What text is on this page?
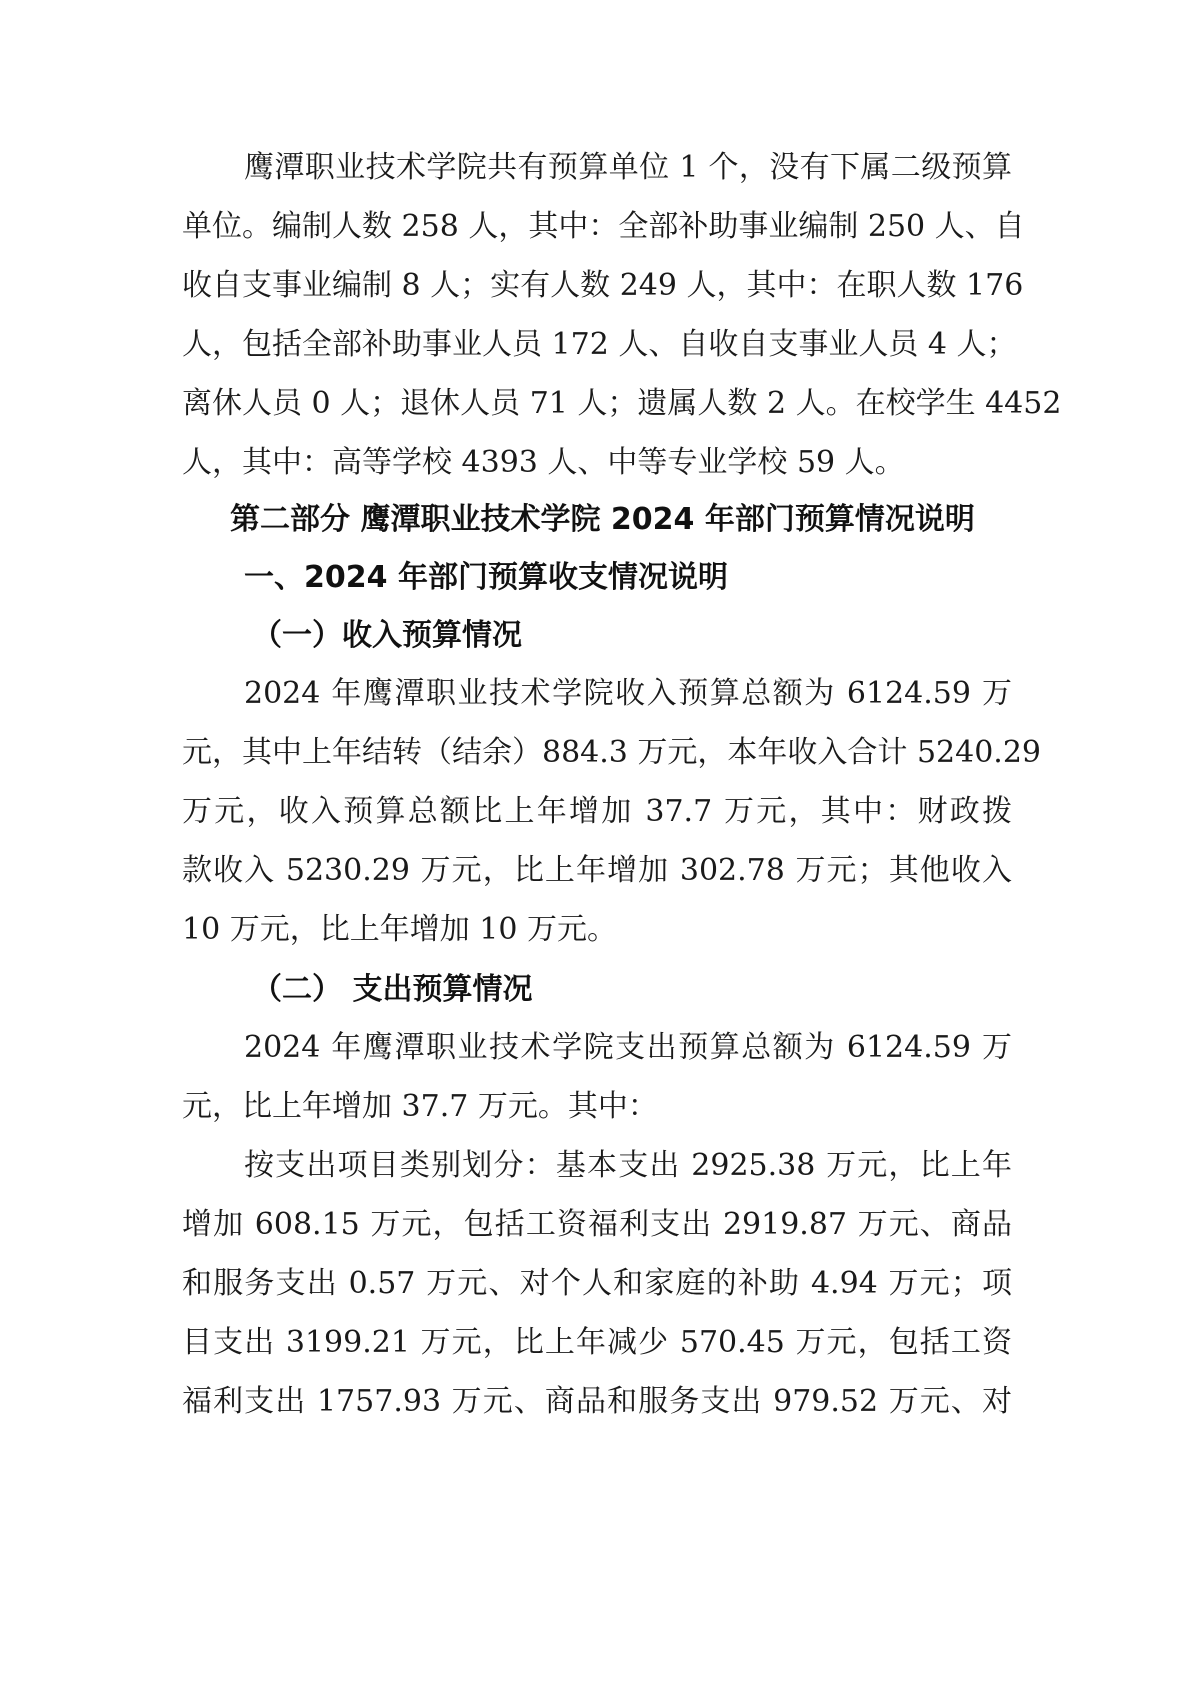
鹰潭职业技术学院共有预算单位 1 个，没有下属二级预算

单位。编制人数 258 人，其中：全部补助事业编制 250 人、自

收自支事业编制 8 人；实有人数 249 人，其中：在职人数 176

人，包括全部补助事业人员 172 人、自收自支事业人员 4 人；

离休人员 0 人；退休人员 71 人；遗属人数 2 人。在校学生 4452

人，其中：高等学校 4393 人、中等专业学校 59 人。

第二部分 鹰潭职业技术学院 2024 年部门预算情况说明
一、2024 年部门预算收支情况说明
（一）收入预算情况

2024 年鹰潭职业技术学院收入预算总额为 6124.59 万

元，其中上年结转（结余）884.3 万元，本年收入合计 5240.29

万元，收入预算总额比上年增加 37.7 万元，其中：财政拨

款收入 5230.29 万元，比上年增加 302.78 万元；其他收入

10 万元，比上年增加 10 万元。

（二） 支出预算情况

2024 年鹰潭职业技术学院支出预算总额为 6124.59 万

元，比上年增加 37.7 万元。其中：

按支出项目类别划分：基本支出 2925.38 万元，比上年

增加 608.15 万元，包括工资福利支出 2919.87 万元、商品

和服务支出 0.57 万元、对个人和家庭的补助 4.94 万元；项

目支出 3199.21 万元，比上年减少 570.45 万元，包括工资

福利支出 1757.93 万元、商品和服务支出 979.52 万元、对
